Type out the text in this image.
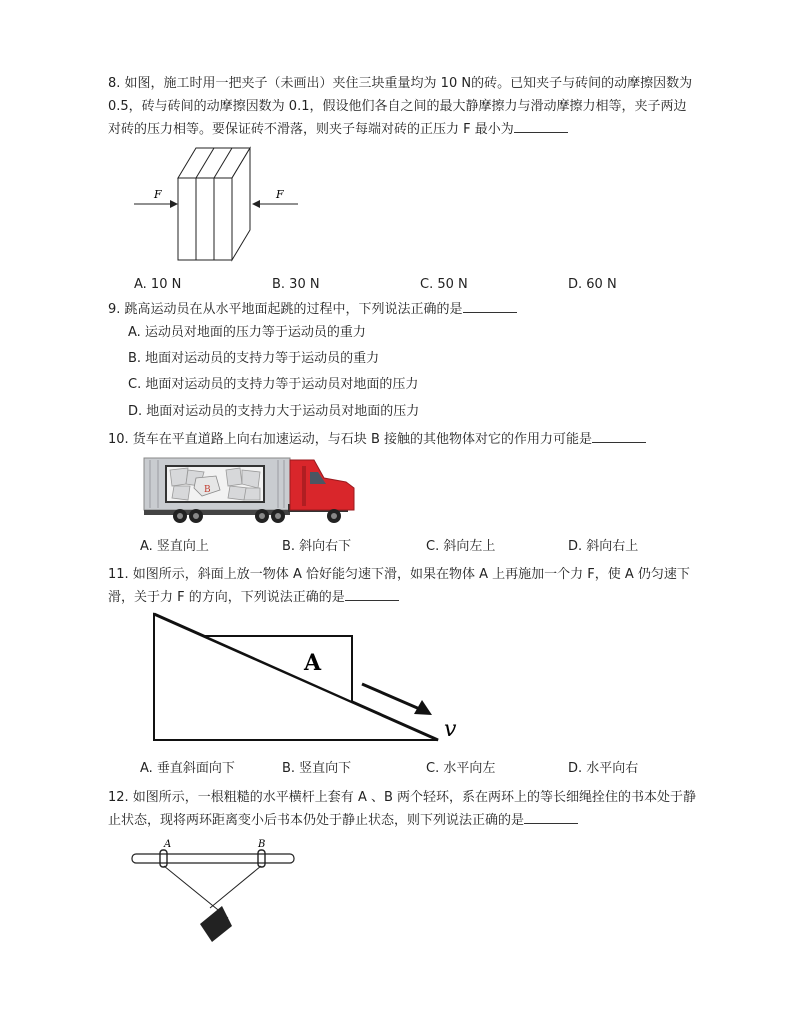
8. 如图，施工时用一把夹子（未画出）夹住三块重量均为 10 N的砖。已知夹子与砖间的动摩擦因数为 0.5，砖与砖间的动摩擦因数为 0.1，假设他们各自之间的最大静摩擦力与滑动摩擦力相等，夹子两边对砖的压力相等。要保证砖不滑落，则夹子每端对砖的正压力 F 最小为
F	F
A. 10 N	B. 30 N	C. 50 N	D. 60 N
9. 跳高运动员在从水平地面起跳的过程中，下列说法正确的是
A. 运动员对地面的压力等于运动员的重力
B. 地面对运动员的支持力等于运动员的重力
C. 地面对运动员的支持力等于运动员对地面的压力
D. 地面对运动员的支持力大于运动员对地面的压力
10. 货车在平直道路上向右加速运动，与石块 B 接触的其他物体对它的作用力可能是
B
A. 竖直向上	B. 斜向右下	C. 斜向左上	D. 斜向右上
11. 如图所示，斜面上放一物体 A 恰好能匀速下滑，如果在物体 A 上再施加一个力 F，使 A 仍匀速下滑，关于力 F 的方向，下列说法正确的是
A
v
A. 垂直斜面向下	B. 竖直向下	C. 水平向左	D. 水平向右
12. 如图所示，一根粗糙的水平横杆上套有 A 、B 两个轻环，系在两环上的等长细绳拴住的书本处于静止状态，现将两环距离变小后书本仍处于静止状态，则下列说法正确的是
A	B
